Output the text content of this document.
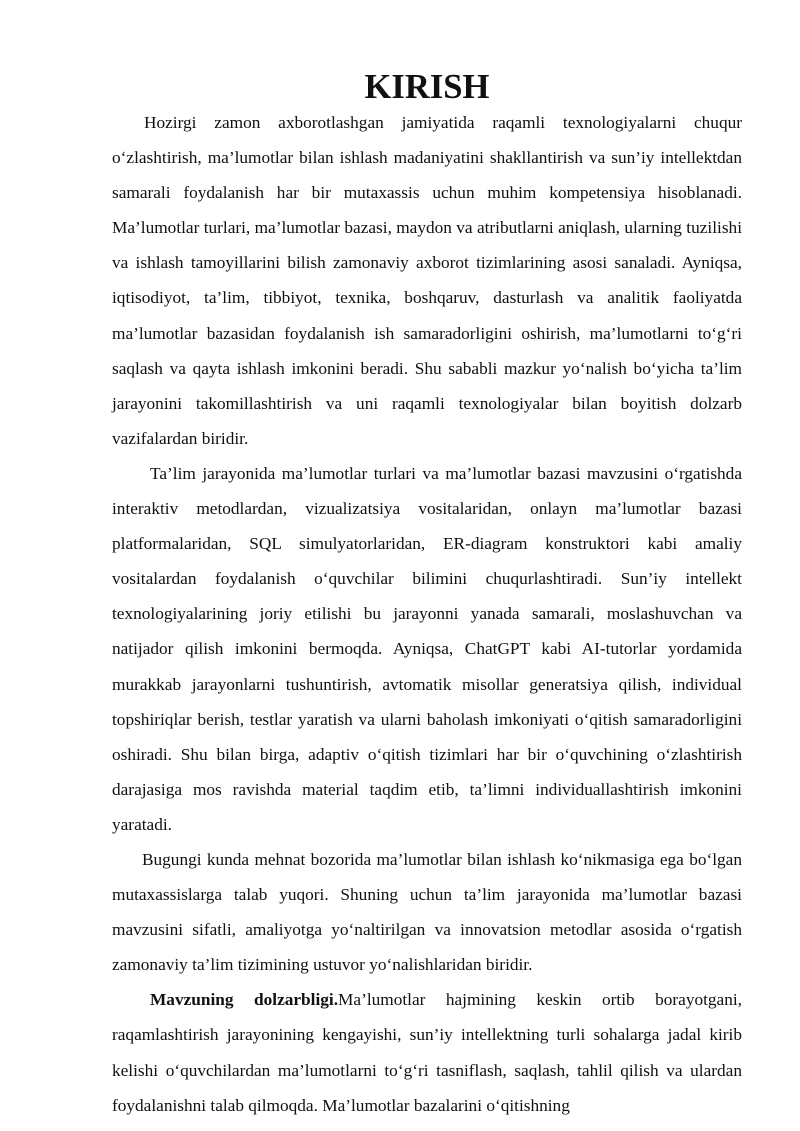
KIRISH

Hozirgi zamon axborotlashgan jamiyatida raqamli texnologiyalarni chuqur o‘zlashtirish, ma’lumotlar bilan ishlash madaniyatini shakllantirish va sun’iy intellektdan samarali foydalanish har bir mutaxassis uchun muhim kompetensiya hisoblanadi. Ma’lumotlar turlari, ma’lumotlar bazasi, maydon va atributlarni aniqlash, ularning tuzilishi va ishlash tamoyillarini bilish zamonaviy axborot tizimlarining asosi sanaladi. Ayniqsa, iqtisodiyot, ta’lim, tibbiyot, texnika, boshqaruv, dasturlash va analitik faoliyatda ma’lumotlar bazasidan foydalanish ish samaradorligini oshirish, ma’lumotlarni to‘g‘ri saqlash va qayta ishlash imkonini beradi. Shu sababli mazkur yo‘nalish bo‘yicha ta’lim jarayonini takomillashtirish va uni raqamli texnologiyalar bilan boyitish dolzarb vazifalardan biridir.

Ta’lim jarayonida ma’lumotlar turlari va ma’lumotlar bazasi mavzusini o‘rgatishda interaktiv metodlardan, vizualizatsiya vositalaridan, onlayn ma’lumotlar bazasi platformalaridan, SQL simulyatorlaridan, ER-diagram konstruktori kabi amaliy vositalardan foydalanish o‘quvchilar bilimini chuqurlashtiradi. Sun’iy intellekt texnologiyalarining joriy etilishi bu jarayonni yanada samarali, moslashuvchan va natijador qilish imkonini bermoqda. Ayniqsa, ChatGPT kabi AI-tutorlar yordamida murakkab jarayonlarni tushuntirish, avtomatik misollar generatsiya qilish, individual topshiriqlar berish, testlar yaratish va ularni baholash imkoniyati o‘qitish samaradorligini oshiradi. Shu bilan birga, adaptiv o‘qitish tizimlari har bir o‘quvchining o‘zlashtirish darajasiga mos ravishda material taqdim etib, ta’limni individuallashtirish imkonini yaratadi.

Bugungi kunda mehnat bozorida ma’lumotlar bilan ishlash ko‘nikmasiga ega bo‘lgan mutaxassislarga talab yuqori. Shuning uchun ta’lim jarayonida ma’lumotlar bazasi mavzusini sifatli, amaliyotga yo‘naltirilgan va innovatsion metodlar asosida o‘rgatish zamonaviy ta’lim tizimining ustuvor yo‘nalishlaridan biridir.

Mavzuning dolzarbligi.Ma’lumotlar hajmining keskin ortib borayotgani, raqamlashtirish jarayonining kengayishi, sun’iy intellektning turli sohalarga jadal kirib kelishi o‘quvchilardan ma’lumotlarni to‘g‘ri tasniflash, saqlash, tahlil qilish va ulardan foydalanishni talab qilmoqda. Ma’lumotlar bazalarini o‘qitishning
